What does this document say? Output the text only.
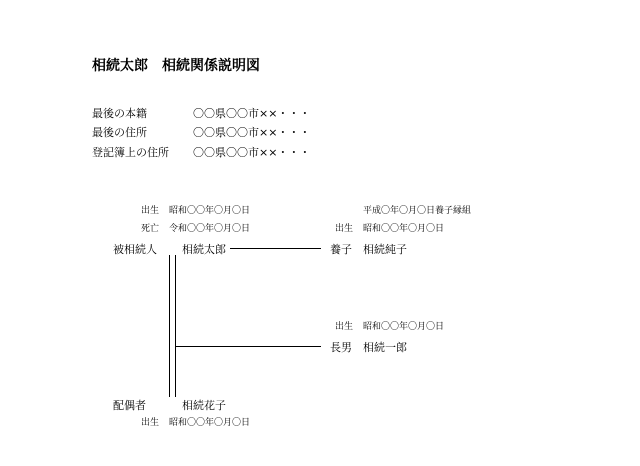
相続太郎　相続関係説明図
最後の本籍	〇〇県〇〇市××・・・
最後の住所	〇〇県〇〇市××・・・
登記簿上の住所 〇〇県〇〇市××・・・
出生 昭和〇〇年〇月〇日
死亡 令和〇〇年〇月〇日
被相続人 相続太郎
平成〇年〇月〇日養子縁組
出生 昭和〇〇年〇月〇日
養子 相続純子
出生 昭和〇〇年〇月〇日
長男 相続一郎
配偶者	相続花子
出生 昭和〇〇年〇月〇日
